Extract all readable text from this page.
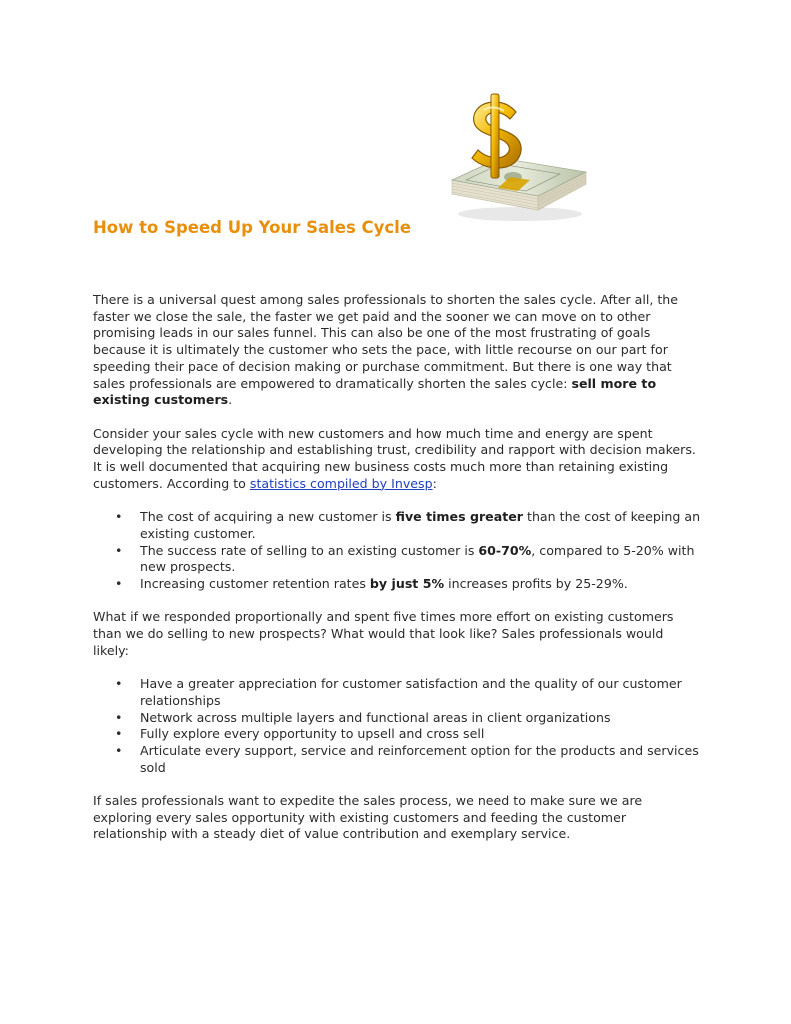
How to Speed Up Your Sales Cycle

There is a universal quest among sales professionals to shorten the sales cycle. After all, the faster we close the sale, the faster we get paid and the sooner we can move on to other promising leads in our sales funnel. This can also be one of the most frustrating of goals because it is ultimately the customer who sets the pace, with little recourse on our part for speeding their pace of decision making or purchase commitment. But there is one way that sales professionals are empowered to dramatically shorten the sales cycle: sell more to existing customers.

Consider your sales cycle with new customers and how much time and energy are spent developing the relationship and establishing trust, credibility and rapport with decision makers. It is well documented that acquiring new business costs much more than retaining existing customers. According to statistics compiled by Invesp:

• The cost of acquiring a new customer is five times greater than the cost of keeping an existing customer.
• The success rate of selling to an existing customer is 60-70%, compared to 5-20% with new prospects.
• Increasing customer retention rates by just 5% increases profits by 25-29%.

What if we responded proportionally and spent five times more effort on existing customers than we do selling to new prospects? What would that look like? Sales professionals would likely:

• Have a greater appreciation for customer satisfaction and the quality of our customer relationships
• Network across multiple layers and functional areas in client organizations
• Fully explore every opportunity to upsell and cross sell
• Articulate every support, service and reinforcement option for the products and services sold

If sales professionals want to expedite the sales process, we need to make sure we are exploring every sales opportunity with existing customers and feeding the customer relationship with a steady diet of value contribution and exemplary service.
